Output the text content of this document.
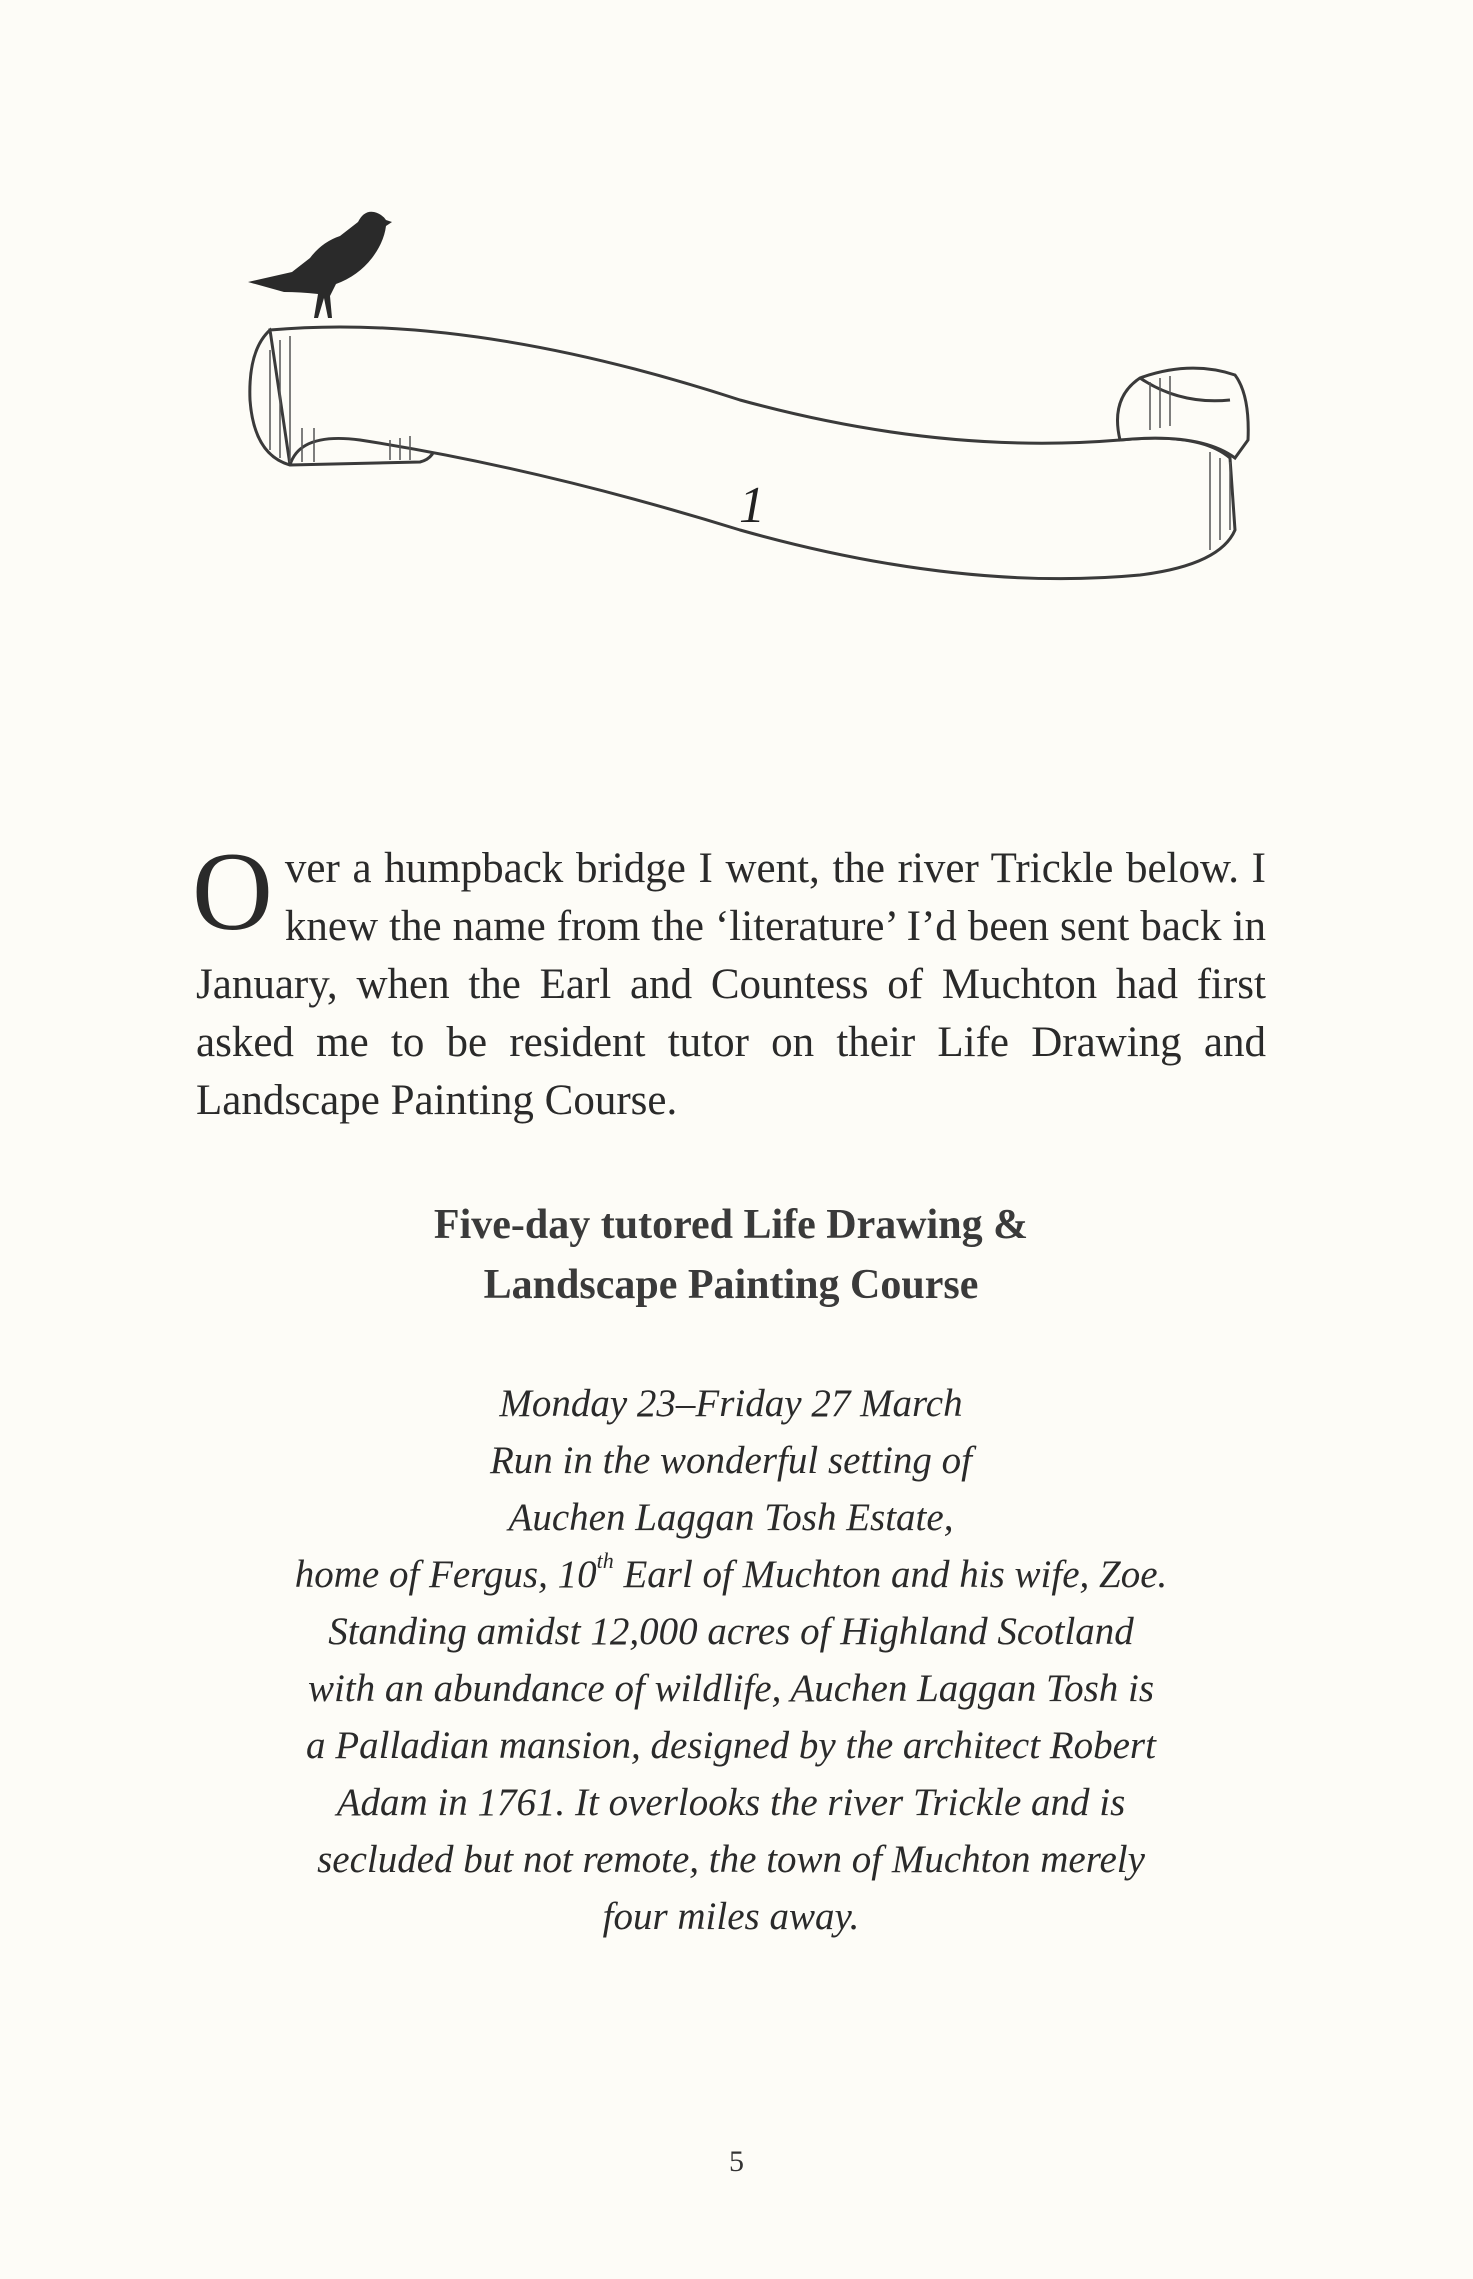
1
Over a humpback bridge I went, the river Trickle below. I knew the name from the ‘literature’ I’d been sent back in January, when the Earl and Countess of Muchton had first asked me to be resident tutor on their Life Drawing and Landscape Painting Course.
Five-day tutored Life Drawing &
Landscape Painting Course
Monday 23–Friday 27 March
Run in the wonderful setting of
Auchen Laggan Tosh Estate,
home of Fergus, 10th Earl of Muchton and his wife, Zoe.
Standing amidst 12,000 acres of Highland Scotland
with an abundance of wildlife, Auchen Laggan Tosh is
a Palladian mansion, designed by the architect Robert
Adam in 1761. It overlooks the river Trickle and is
secluded but not remote, the town of Muchton merely
four miles away.
5
